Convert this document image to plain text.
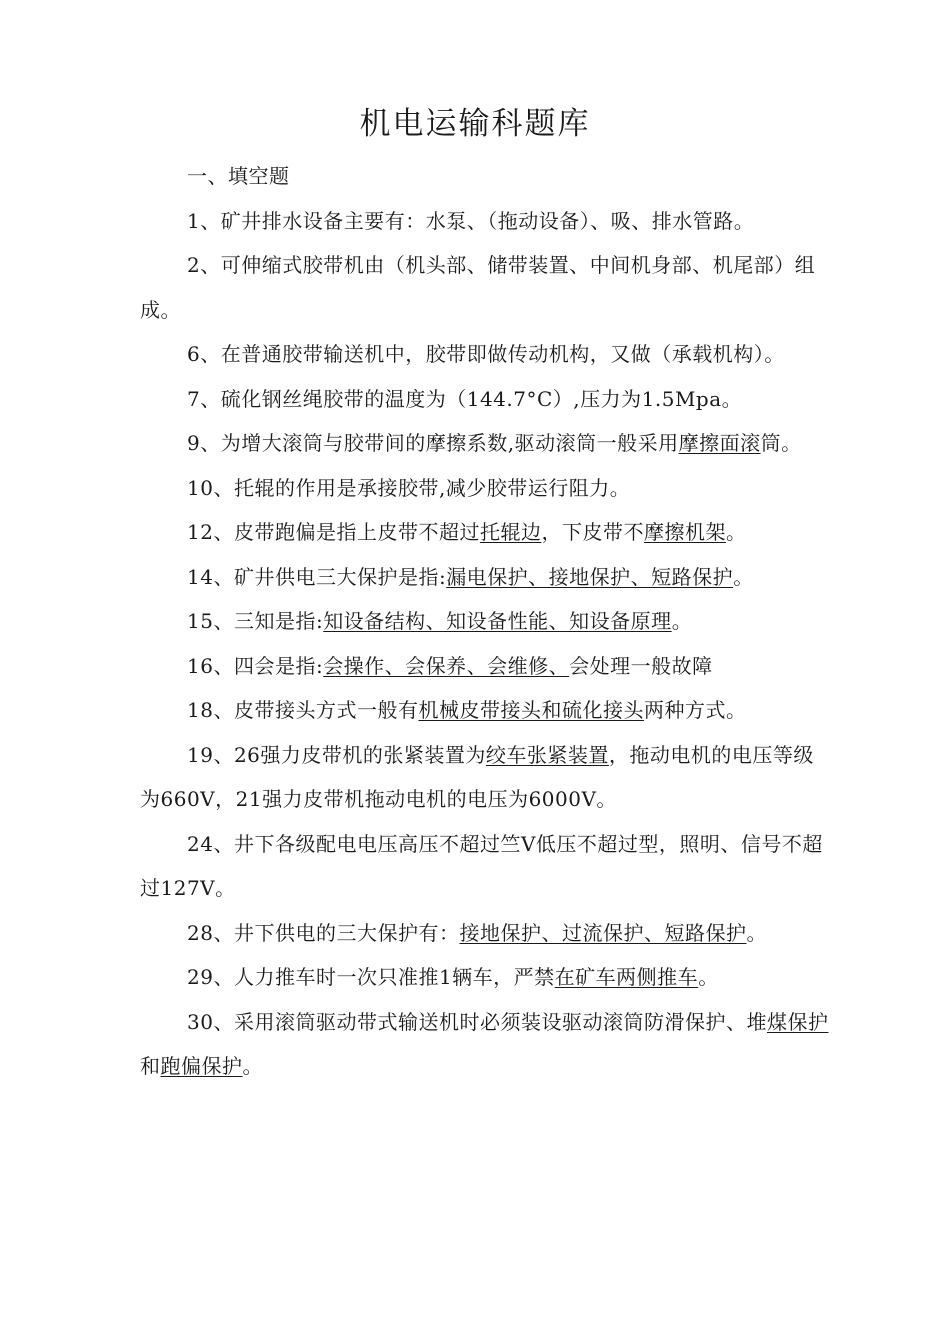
机电运输科题库

一、填空题

1、矿井排水设备主要有：水泵、（拖动设备）、吸、排水管路。

2、可伸缩式胶带机由（机头部、储带装置、中间机身部、机尾部）组成。

6、在普通胶带输送机中，胶带即做传动机构，又做（承载机构）。

7、硫化钢丝绳胶带的温度为（144.7°C）,压力为1.5Mpa。

9、为增大滚筒与胶带间的摩擦系数,驱动滚筒一般采用摩擦面滚筒。

10、托辊的作用是承接胶带,减少胶带运行阻力。

12、皮带跑偏是指上皮带不超过托辊边，下皮带不摩擦机架。

14、矿井供电三大保护是指:漏电保护、接地保护、短路保护。

15、三知是指:知设备结构、知设备性能、知设备原理。

16、四会是指:会操作、会保养、会维修、会处理一般故障

18、皮带接头方式一般有机械皮带接头和硫化接头两种方式。

19、26强力皮带机的张紧装置为绞车张紧装置，拖动电机的电压等级为660V，21强力皮带机拖动电机的电压为6000V。

24、井下各级配电电压高压不超过竺V低压不超过型，照明、信号不超过127V。

28、井下供电的三大保护有：接地保护、过流保护、短路保护。

29、人力推车时一次只准推1辆车，严禁在矿车两侧推车。

30、采用滚筒驱动带式输送机时必须装设驱动滚筒防滑保护、堆煤保护和跑偏保护。
